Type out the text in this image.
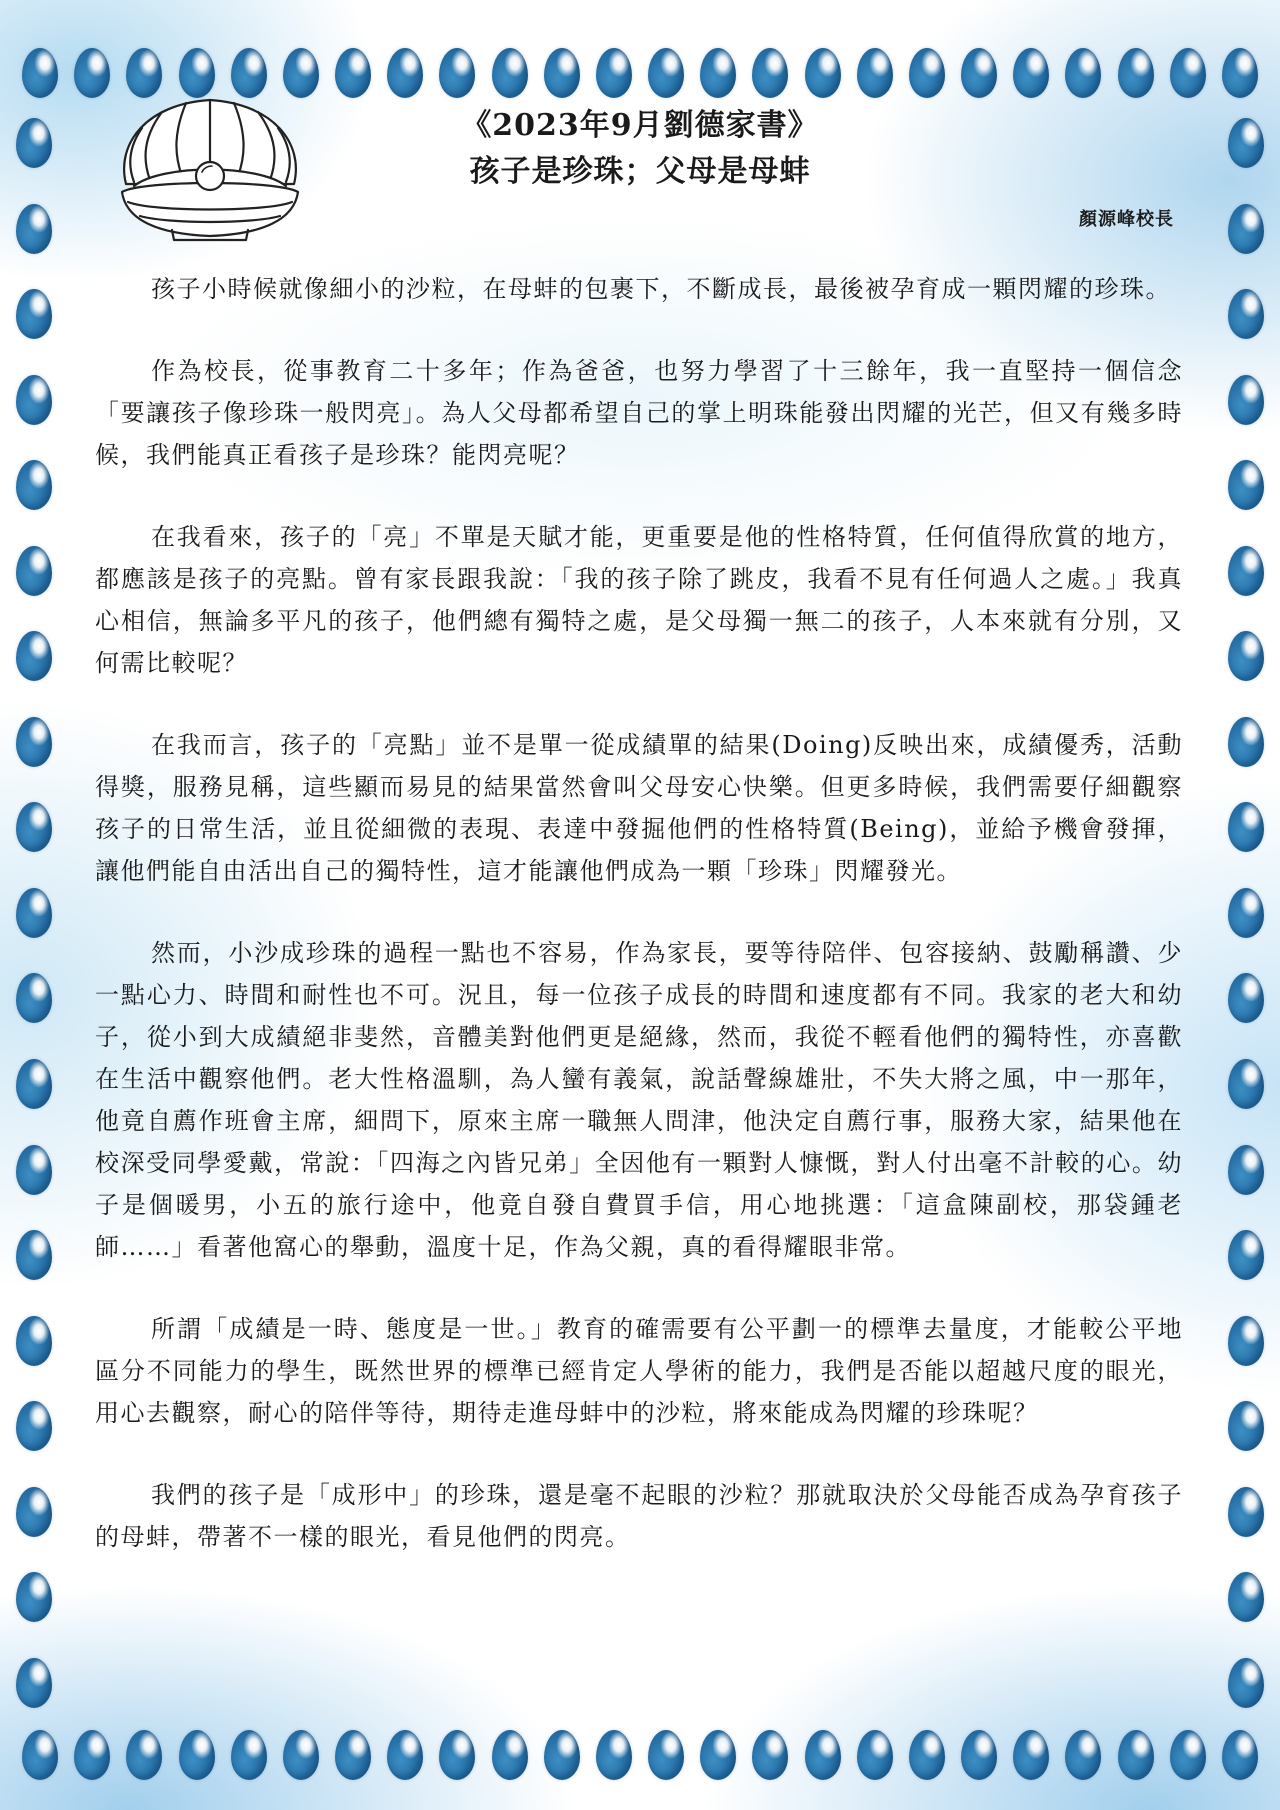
《2023年9月劉德家書》
孩子是珍珠；父母是母蚌
顏源峰校長

孩子小時候就像細小的沙粒，在母蚌的包裹下，不斷成長，最後被孕育成一顆閃耀的珍珠。

作為校長，從事教育二十多年；作為爸爸，也努力學習了十三餘年，我一直堅持一個信念「要讓孩子像珍珠一般閃亮」。為人父母都希望自己的掌上明珠能發出閃耀的光芒，但又有幾多時候，我們能真正看孩子是珍珠？能閃亮呢？

在我看來，孩子的「亮」不單是天賦才能，更重要是他的性格特質，任何值得欣賞的地方，都應該是孩子的亮點。曾有家長跟我說：「我的孩子除了跳皮，我看不見有任何過人之處。」我真心相信，無論多平凡的孩子，他們總有獨特之處，是父母獨一無二的孩子，人本來就有分別，又何需比較呢？

在我而言，孩子的「亮點」並不是單一從成績單的結果(Doing)反映出來，成績優秀，活動得獎，服務見稱，這些顯而易見的結果當然會叫父母安心快樂。但更多時候，我們需要仔細觀察孩子的日常生活，並且從細微的表現、表達中發掘他們的性格特質(Being)，並給予機會發揮，讓他們能自由活出自己的獨特性，這才能讓他們成為一顆「珍珠」閃耀發光。

然而，小沙成珍珠的過程一點也不容易，作為家長，要等待陪伴、包容接納、鼓勵稱讚、少一點心力、時間和耐性也不可。況且，每一位孩子成長的時間和速度都有不同。我家的老大和幼子，從小到大成績絕非斐然，音體美對他們更是絕緣，然而，我從不輕看他們的獨特性，亦喜歡在生活中觀察他們。老大性格溫馴，為人蠻有義氣，說話聲線雄壯，不失大將之風，中一那年，他竟自薦作班會主席，細問下，原來主席一職無人問津，他決定自薦行事，服務大家，結果他在校深受同學愛戴，常說：「四海之內皆兄弟」全因他有一顆對人慷慨，對人付出毫不計較的心。幼子是個暖男，小五的旅行途中，他竟自發自費買手信，用心地挑選：「這盒陳副校，那袋鍾老師……」看著他窩心的舉動，溫度十足，作為父親，真的看得耀眼非常。

所謂「成績是一時、態度是一世。」教育的確需要有公平劃一的標準去量度，才能較公平地區分不同能力的學生，既然世界的標準已經肯定人學術的能力，我們是否能以超越尺度的眼光，用心去觀察，耐心的陪伴等待，期待走進母蚌中的沙粒，將來能成為閃耀的珍珠呢？

我們的孩子是「成形中」的珍珠，還是毫不起眼的沙粒？那就取決於父母能否成為孕育孩子的母蚌，帶著不一樣的眼光，看見他們的閃亮。
